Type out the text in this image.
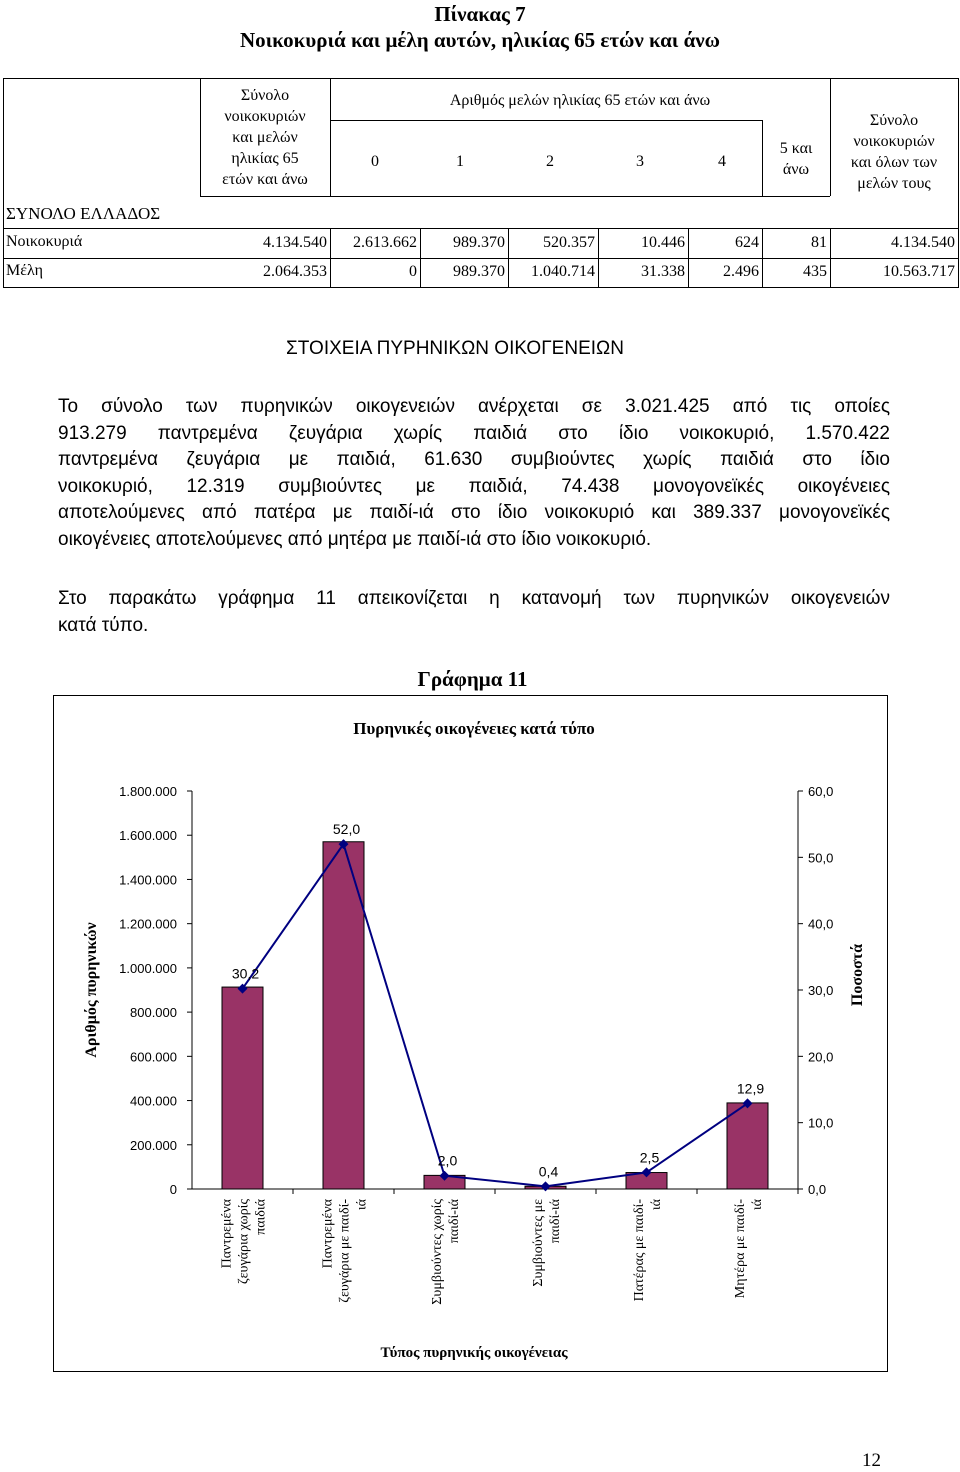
Πίνακας 7
Νοικοκυριά και μέλη αυτών, ηλικίας 65 ετών και άνω
Σύνολο
νοικοκυριών
και μελών
ηλικίας 65
ετών και άνω
Αριθμός μελών ηλικίας 65 ετών και άνω
0	1	2	3	4
5 και
άνω
Σύνολο
νοικοκυριών
και όλων των
μελών τους
ΣΥΝΟΛΟ ΕΛΛΑΔΟΣ
Νοικοκυριά	4.134.540	2.613.662	989.370	520.357	10.446	624	81	4.134.540
Μέλη	2.064.353	0	989.370	1.040.714	31.338	2.496	435	10.563.717
ΣΤΟΙΧΕΙΑ ΠΥΡΗΝΙΚΩΝ ΟΙΚΟΓΕΝΕΙΩΝ
Το σύνολο των πυρηνικών οικογενειών ανέρχεται σε 3.021.425 από τις οποίες
913.279 παντρεμένα ζευγάρια χωρίς παιδιά στο ίδιο νοικοκυριό, 1.570.422
παντρεμένα ζευγάρια με παιδιά, 61.630 συμβιούντες χωρίς παιδιά στο ίδιο
νοικοκυριό, 12.319 συμβιούντες με παιδιά, 74.438 μονογονεϊκές οικογένειες
αποτελούμενες από πατέρα με παιδί-ιά στο ίδιο νοικοκυριό και 389.337 μονογονεϊκές
οικογένειες αποτελούμενες από μητέρα με παιδί-ιά στο ίδιο νοικοκυριό.
Στο παρακάτω γράφημα 11 απεικονίζεται η κατανομή των πυρηνικών οικογενειών
κατά τύπο.
Γράφημα 11
Πυρηνικές οικογένειες κατά τύπο
0
200.000
400.000
600.000
800.000
1.000.000
1.200.000
1.400.000
1.600.000
1.800.000
0,0
10,0
20,0
30,0
40,0
50,0
60,0
Αριθμός πυρηνικών	Ποσοστά
Τύπος πυρηνικής οικογένειας
30,2
52,0
2,0
0,4
2,5
12,9
Παντρεμένα ζευγάρια χωρίς παιδιά	Παντρεμένα ζευγάρια με παιδί- ιά	Συμβιούντες χωρίς παιδί-ιά	Συμβιούντες με παιδί-ιά	Πατέρας με παιδί- ιά	Μητέρα με παιδί- ιά
12
